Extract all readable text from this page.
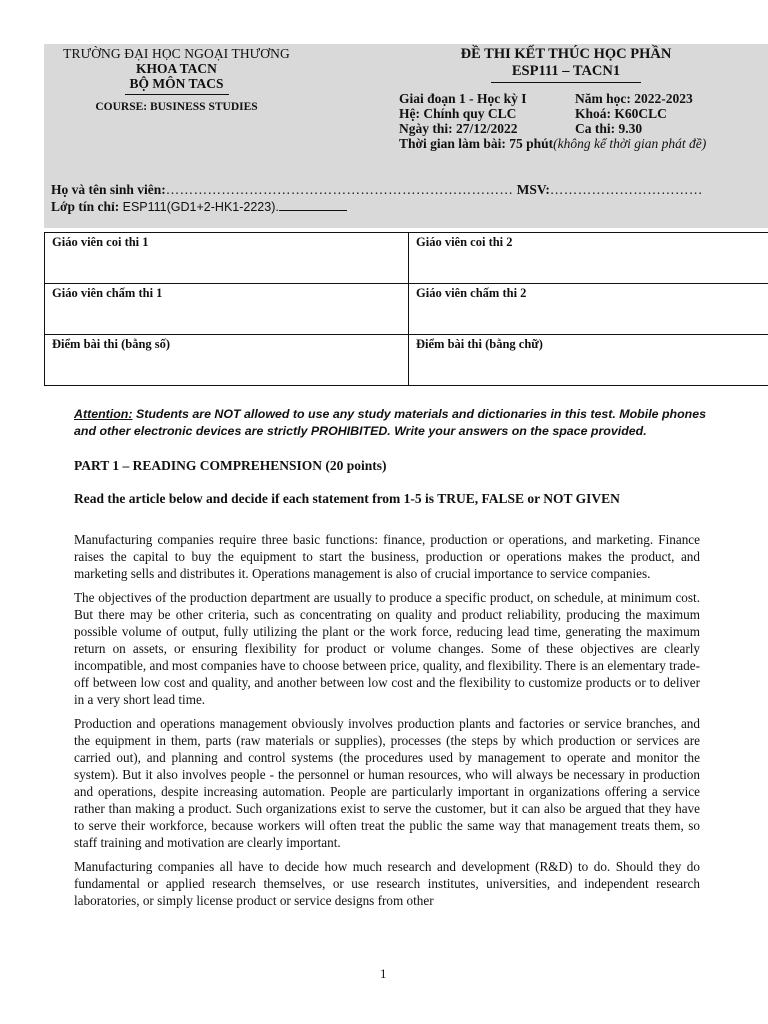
TRƯỜNG ĐẠI HỌC NGOẠI THƯƠNG
KHOA TACN
BỘ MÔN TACS
COURSE: BUSINESS STUDIES
ĐỀ THI KẾT THÚC HỌC PHẦN
ESP111 – TACN1
Giai đoạn 1 - Học kỳ I	Năm học: 2022-2023
Hệ: Chính quy CLC	Khoá: K60CLC
Ngày thi: 27/12/2022	Ca thi: 9.30
Thời gian làm bài: 75 phút(không kể thời gian phát đề)
Họ và tên sinh viên:………………………………………………………………… MSV:……………………………
Lớp tín chỉ: ESP111(GD1+2-HK1-2223).
Giáo viên coi thi 1	Giáo viên coi thi 2
Giáo viên chấm thi 1	Giáo viên chấm thi 2
Điểm bài thi (bằng số)	Điểm bài thi (bằng chữ)
Attention: Students are NOT allowed to use any study materials and dictionaries in this test. Mobile phones and other electronic devices are strictly PROHIBITED. Write your answers on the space provided.
PART 1 – READING COMPREHENSION (20 points)
Read the article below and decide if each statement from 1-5 is TRUE, FALSE or NOT GIVEN

Manufacturing companies require three basic functions: finance, production or operations, and marketing. Finance raises the capital to buy the equipment to start the business, production or operations makes the product, and marketing sells and distributes it. Operations management is also of crucial importance to service companies.

The objectives of the production department are usually to produce a specific product, on schedule, at minimum cost. But there may be other criteria, such as concentrating on quality and product reliability, producing the maximum possible volume of output, fully utilizing the plant or the work force, reducing lead time, generating the maximum return on assets, or ensuring flexibility for product or volume changes. Some of these objectives are clearly incompatible, and most companies have to choose between price, quality, and flexibility. There is an elementary trade-off between low cost and quality, and another between low cost and the flexibility to customize products or to deliver in a very short lead time.

Production and operations management obviously involves production plants and factories or service branches, and the equipment in them, parts (raw materials or supplies), processes (the steps by which production or services are carried out), and planning and control systems (the procedures used by management to operate and monitor the system). But it also involves people - the personnel or human resources, who will always be necessary in production and operations, despite increasing automation. People are particularly important in organizations offering a service rather than making a product. Such organizations exist to serve the customer, but it can also be argued that they have to serve their workforce, because workers will often treat the public the same way that management treats them, so staff training and motivation are clearly important.

Manufacturing companies all have to decide how much research and development (R&D) to do. Should they do fundamental or applied research themselves, or use research institutes, universities, and independent research laboratories, or simply license product or service designs from other

1
